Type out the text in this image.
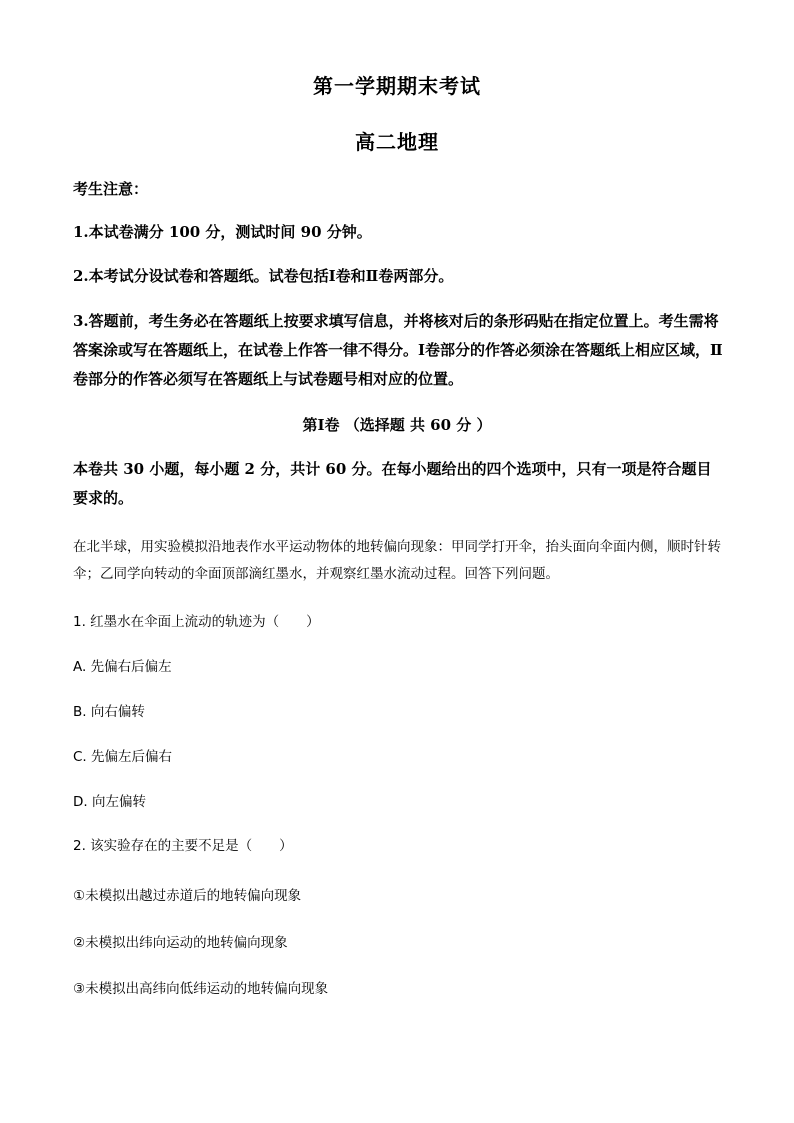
第一学期期末考试
高二地理
考生注意：
1.本试卷满分 100 分，测试时间 90 分钟。
2.本考试分设试卷和答题纸。试卷包括Ⅰ卷和Ⅱ卷两部分。
3.答题前，考生务必在答题纸上按要求填写信息，并将核对后的条形码贴在指定位置上。考生需将答案涂或写在答题纸上，在试卷上作答一律不得分。Ⅰ卷部分的作答必须涂在答题纸上相应区域，Ⅱ卷部分的作答必须写在答题纸上与试卷题号相对应的位置。
第Ⅰ卷 （选择题 共 60 分 ）
本卷共 30 小题，每小题 2 分，共计 60 分。在每小题给出的四个选项中，只有一项是符合题目要求的。
在北半球，用实验模拟沿地表作水平运动物体的地转偏向现象：甲同学打开伞，抬头面向伞面内侧，顺时针转伞；乙同学向转动的伞面顶部滴红墨水，并观察红墨水流动过程。回答下列问题。
1. 红墨水在伞面上流动的轨迹为（　　）
A. 先偏右后偏左
B. 向右偏转
C. 先偏左后偏右
D. 向左偏转
2. 该实验存在的主要不足是（　　）
①未模拟出越过赤道后的地转偏向现象
②未模拟出纬向运动的地转偏向现象
③未模拟出高纬向低纬运动的地转偏向现象
